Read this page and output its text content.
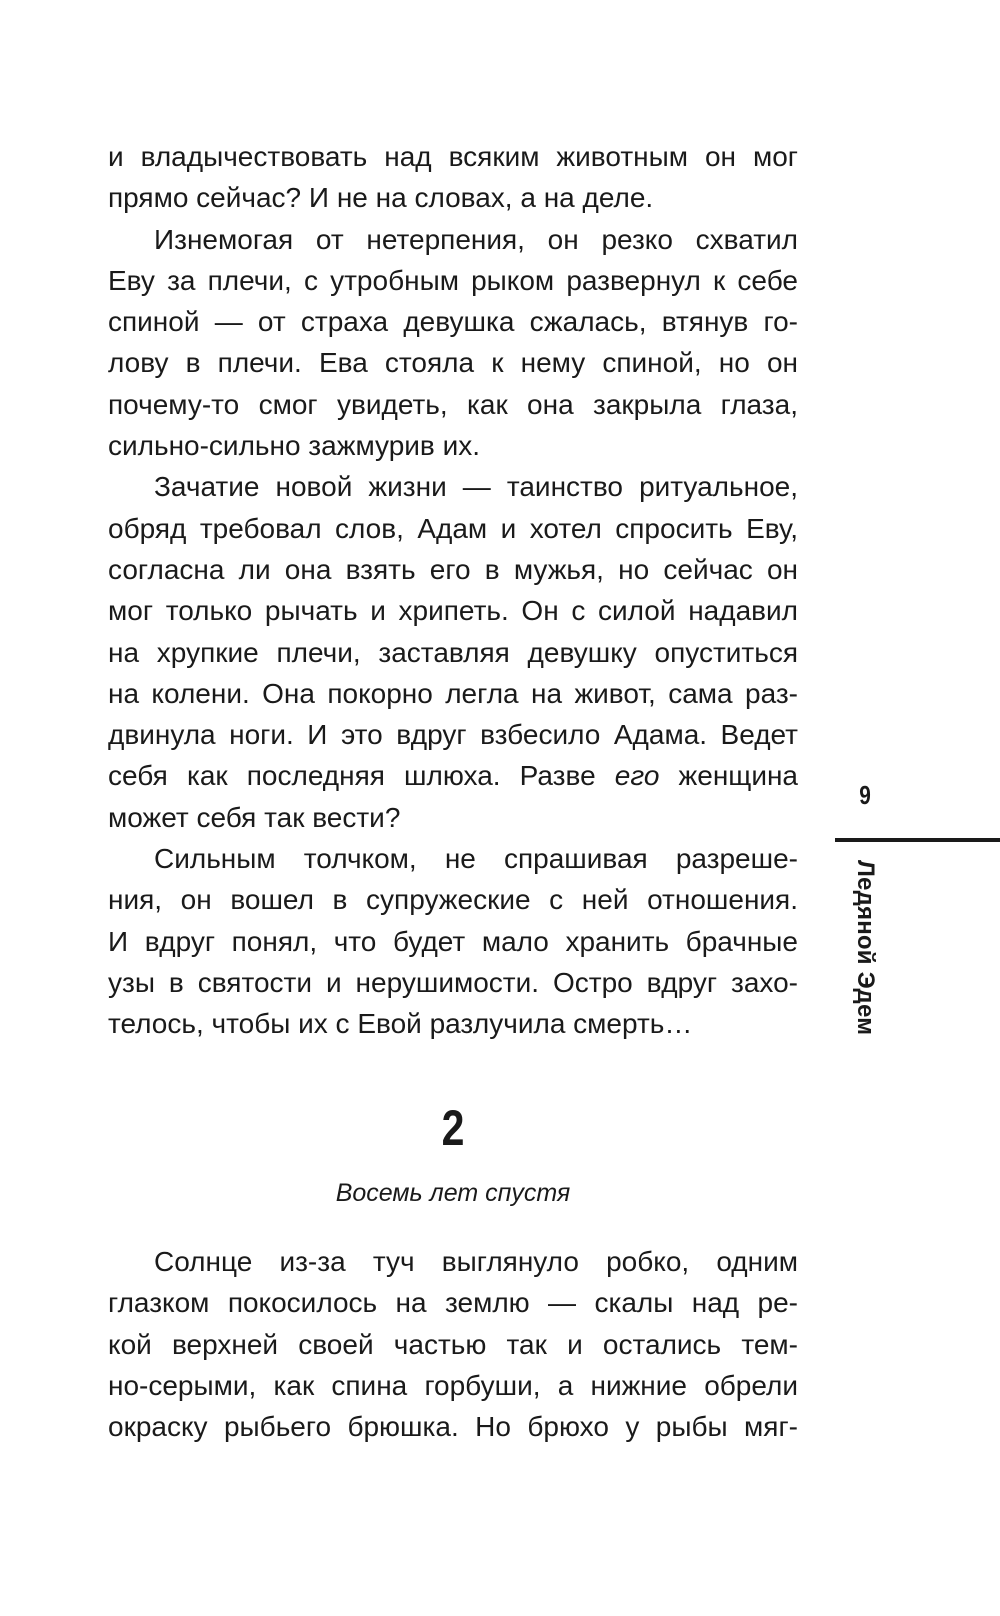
и владычествовать над всяким животным он мог
прямо сейчас? И не на словах, а на деле.
Изнемогая от нетерпения, он резко схватил
Еву за плечи, с утробным рыком развернул к себе
спиной — от страха девушка сжалась, втянув го-
лову в плечи. Ева стояла к нему спиной, но он
почему-то смог увидеть, как она закрыла глаза,
сильно-сильно зажмурив их.
Зачатие новой жизни — таинство ритуальное,
обряд требовал слов, Адам и хотел спросить Еву,
согласна ли она взять его в мужья, но сейчас он
мог только рычать и хрипеть. Он с силой надавил
на хрупкие плечи, заставляя девушку опуститься
на колени. Она покорно легла на живот, сама раз-
двинула ноги. И это вдруг взбесило Адама. Ведет
себя как последняя шлюха. Разве его женщина
может себя так вести?
Сильным толчком, не спрашивая разреше-
ния, он вошел в супружеские с ней отношения.
И вдруг понял, что будет мало хранить брачные
узы в святости и нерушимости. Остро вдруг захо-
телось, чтобы их с Евой разлучила смерть…
2
Восемь лет спустя
Солнце из-за туч выглянуло робко, одним
глазком покосилось на землю — скалы над ре-
кой верхней своей частью так и остались тем-
но-серыми, как спина горбуши, а нижние обрели
окраску рыбьего брюшка. Но брюхо у рыбы мяг-
9
Ледяной Эдем
